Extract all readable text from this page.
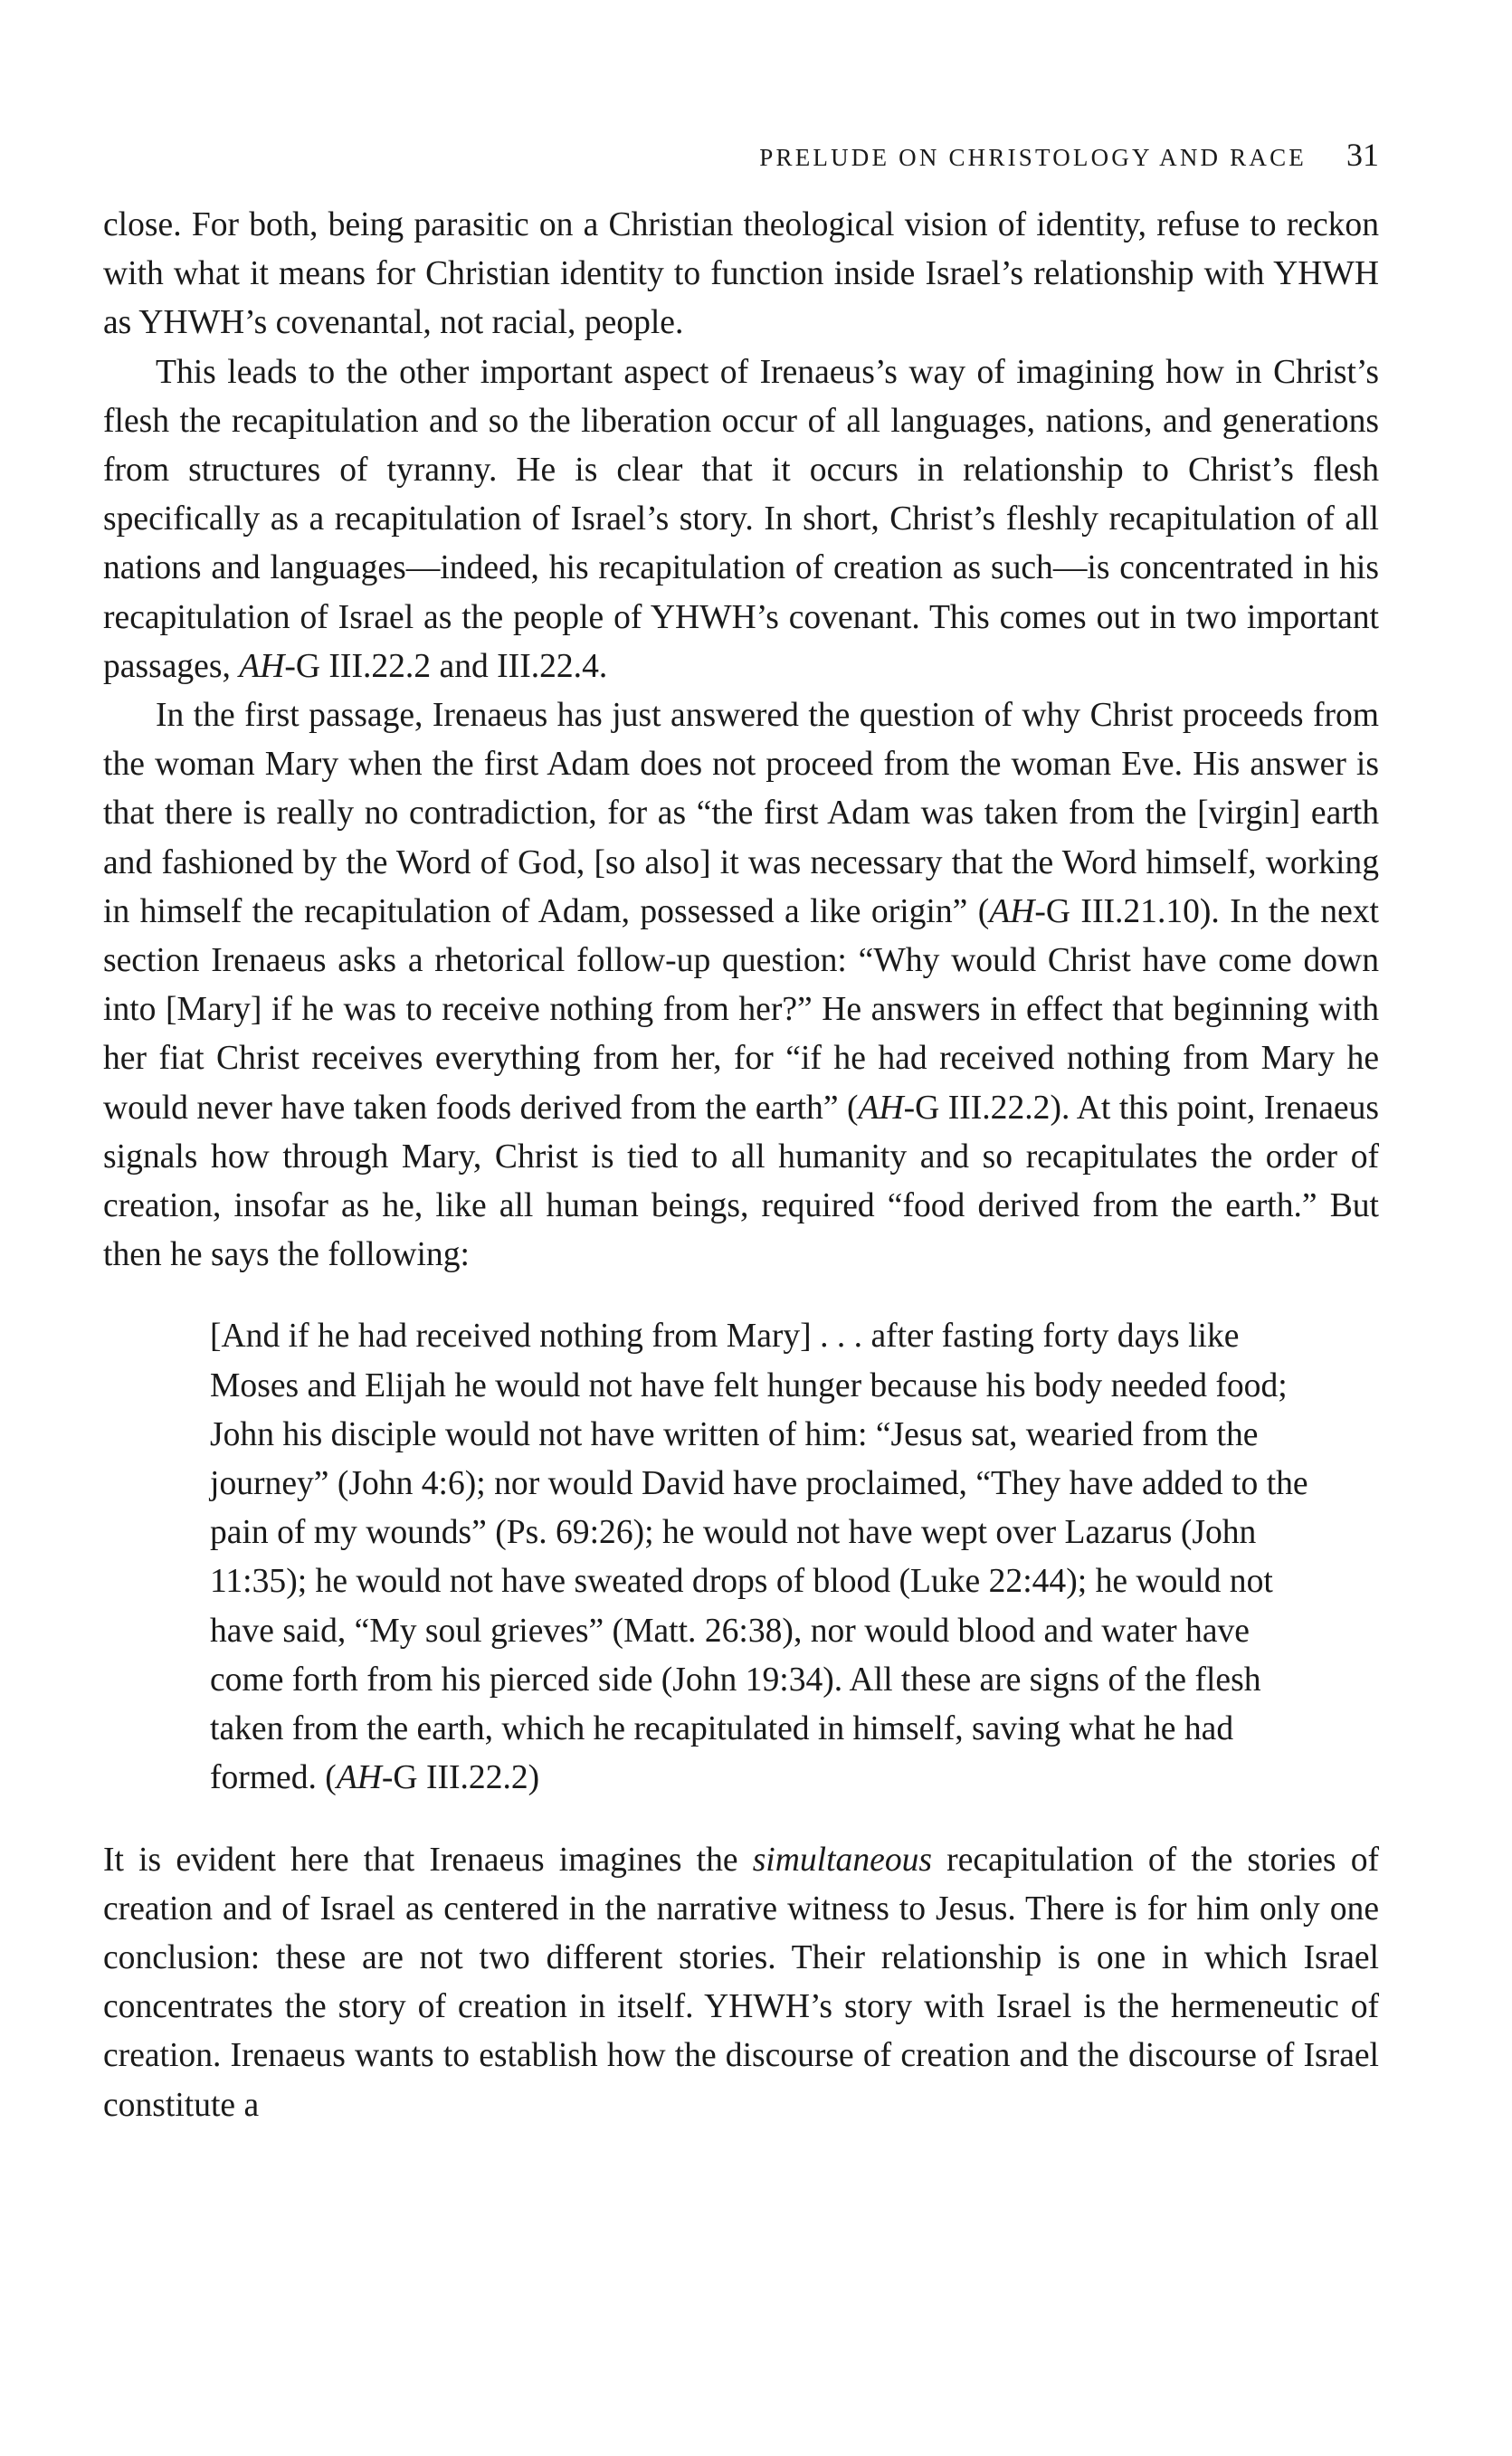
PRELUDE ON CHRISTOLOGY AND RACE 31

close. For both, being parasitic on a Christian theological vision of identity, refuse to reckon with what it means for Christian identity to function inside Israel’s relationship with YHWH as YHWH’s covenantal, not racial, people.

This leads to the other important aspect of Irenaeus’s way of imagining how in Christ’s flesh the recapitulation and so the liberation occur of all languages, nations, and generations from structures of tyranny. He is clear that it occurs in relationship to Christ’s flesh specifically as a recapitulation of Israel’s story. In short, Christ’s fleshly recapitulation of all nations and languages—indeed, his recapitulation of creation as such—is concentrated in his recapitulation of Israel as the people of YHWH’s covenant. This comes out in two important passages, AH-G III.22.2 and III.22.4.

In the first passage, Irenaeus has just answered the question of why Christ proceeds from the woman Mary when the first Adam does not proceed from the woman Eve. His answer is that there is really no contradiction, for as “the first Adam was taken from the [virgin] earth and fashioned by the Word of God, [so also] it was necessary that the Word himself, working in himself the recapitulation of Adam, possessed a like origin” (AH-G III.21.10). In the next section Irenaeus asks a rhetorical follow-up question: “Why would Christ have come down into [Mary] if he was to receive nothing from her?” He answers in effect that beginning with her fiat Christ receives everything from her, for “if he had received nothing from Mary he would never have taken foods derived from the earth” (AH-G III.22.2). At this point, Irenaeus signals how through Mary, Christ is tied to all humanity and so recapitulates the order of creation, insofar as he, like all human beings, required “food derived from the earth.” But then he says the following:

[And if he had received nothing from Mary] . . . after fasting forty days like Moses and Elijah he would not have felt hunger because his body needed food; John his disciple would not have written of him: “Jesus sat, wearied from the journey” (John 4:6); nor would David have proclaimed, “They have added to the pain of my wounds” (Ps. 69:26); he would not have wept over Lazarus (John 11:35); he would not have sweated drops of blood (Luke 22:44); he would not have said, “My soul grieves” (Matt. 26:38), nor would blood and water have come forth from his pierced side (John 19:34). All these are signs of the flesh taken from the earth, which he recapitulated in himself, saving what he had formed. (AH-G III.22.2)

It is evident here that Irenaeus imagines the simultaneous recapitulation of the stories of creation and of Israel as centered in the narrative witness to Jesus. There is for him only one conclusion: these are not two different stories. Their relationship is one in which Israel concentrates the story of creation in itself. YHWH’s story with Israel is the hermeneutic of creation. Irenaeus wants to establish how the discourse of creation and the discourse of Israel constitute a
